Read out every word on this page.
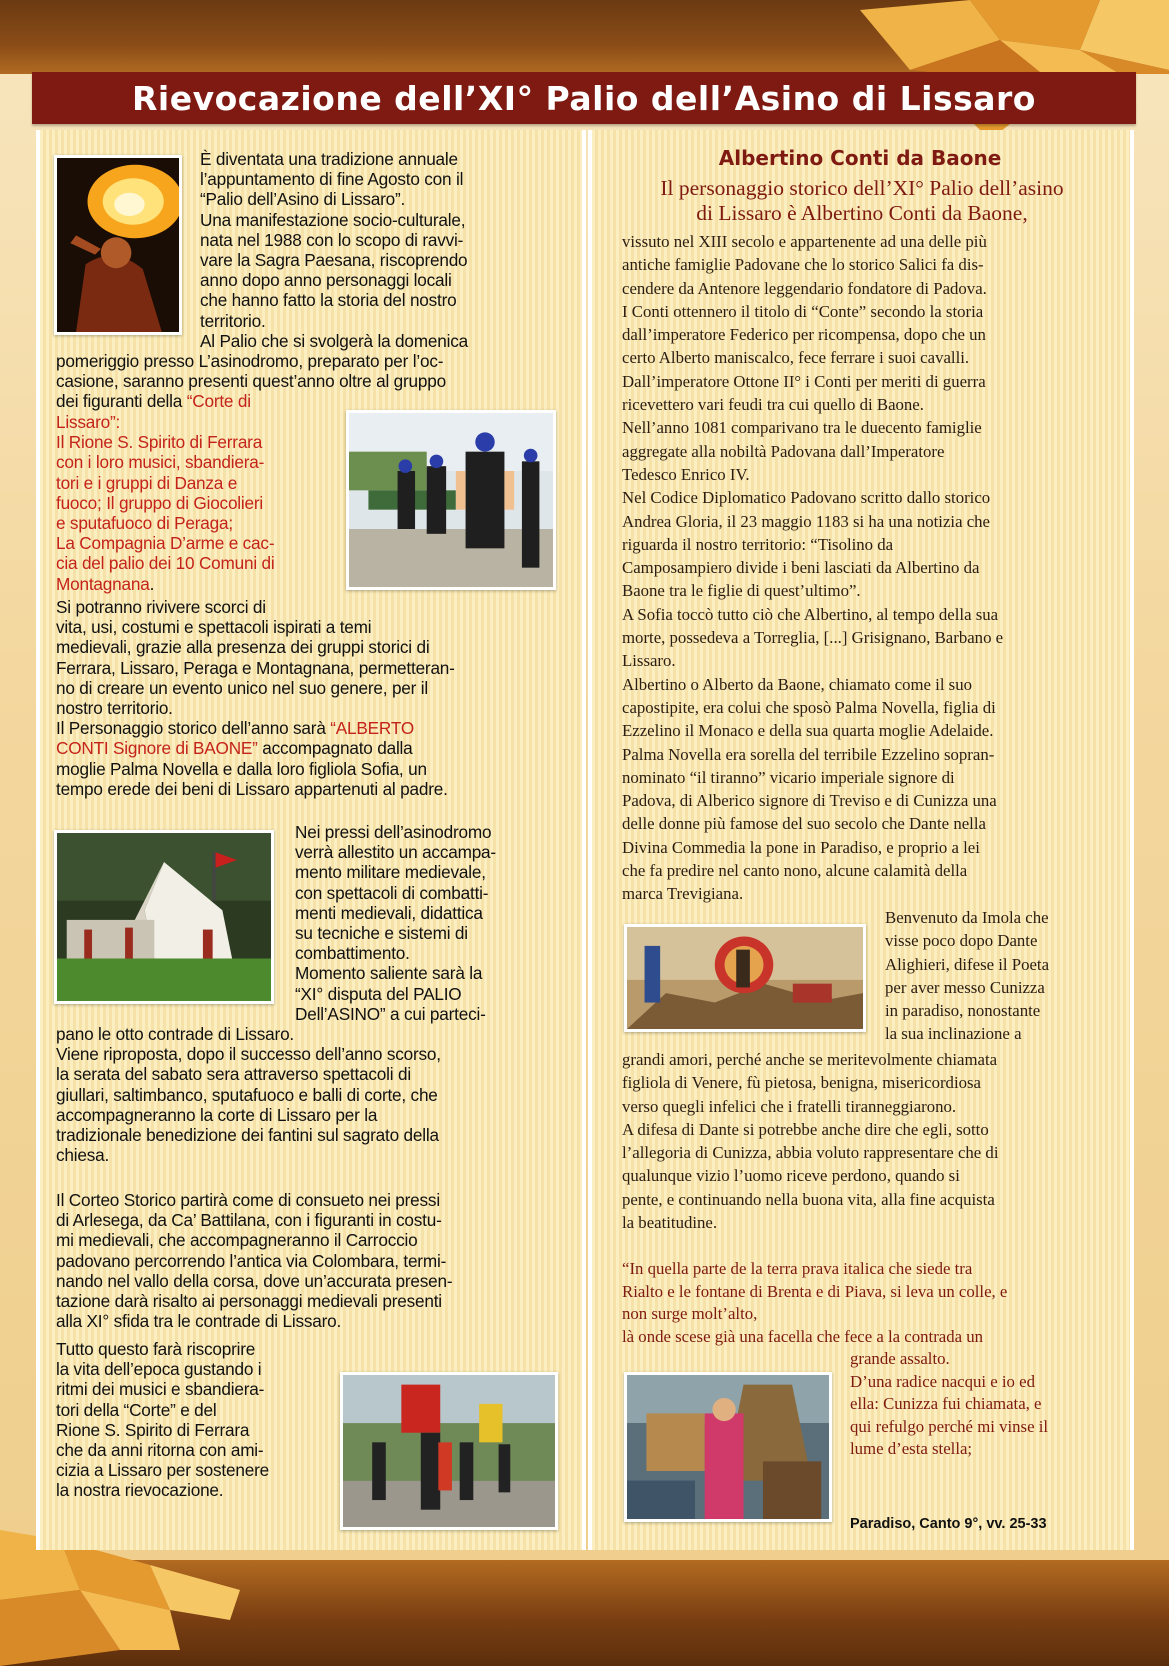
Rievocazione dell’XI° Palio dell’Asino di Lissaro

È diventata una tradizione annuale
l’appuntamento di fine Agosto con il
“Palio dell’Asino di Lissaro”.
Una manifestazione socio-culturale,
nata nel 1988 con lo scopo di ravvi-
vare la Sagra Paesana, riscoprendo
anno dopo anno personaggi locali
che hanno fatto la storia del nostro
territorio.
Al Palio che si svolgerà la domenica

pomeriggio presso L’asinodromo, preparato per l’oc-
casione, saranno presenti quest’anno oltre al gruppo
dei figuranti della “Corte di

Lissaro”:
Il Rione S. Spirito di Ferrara
con i loro musici, sbandiera-
tori e i gruppi di Danza e
fuoco; Il gruppo di Giocolieri
e sputafuoco di Peraga;
La Compagnia D’arme e cac-
cia del palio dei 10 Comuni di
Montagnana.

Si potranno rivivere scorci di
vita, usi, costumi e spettacoli ispirati a temi
medievali, grazie alla presenza dei gruppi storici di
Ferrara, Lissaro, Peraga e Montagnana, permetteran-
no di creare un evento unico nel suo genere, per il
nostro territorio.
Il Personaggio storico dell’anno sarà “ALBERTO
CONTI Signore di BAONE” accompagnato dalla
moglie Palma Novella e dalla loro figliola Sofia, un
tempo erede dei beni di Lissaro appartenuti al padre.

Nei pressi dell’asinodromo
verrà allestito un accampa-
mento militare medievale,
con spettacoli di combatti-
menti medievali, didattica
su tecniche e sistemi di
combattimento.
Momento saliente sarà la
“XI° disputa del PALIO
Dell’ASINO” a cui parteci-

pano le otto contrade di Lissaro.
Viene riproposta, dopo il successo dell’anno scorso,
la serata del sabato sera attraverso spettacoli di
giullari, saltimbanco, sputafuoco e balli di corte, che
accompagneranno la corte di Lissaro per la
tradizionale benedizione dei fantini sul sagrato della
chiesa.

Il Corteo Storico partirà come di consueto nei pressi
di Arlesega, da Ca’ Battilana, con i figuranti in costu-
mi medievali, che accompagneranno il Carroccio
padovano percorrendo l’antica via Colombara, termi-
nando nel vallo della corsa, dove un’accurata presen-
tazione darà risalto ai personaggi medievali presenti
alla XI° sfida tra le contrade di Lissaro.

Tutto questo farà riscoprire
la vita dell’epoca gustando i
ritmi dei musici e sbandiera-
tori della “Corte” e del
Rione S. Spirito di Ferrara
che da anni ritorna con ami-
cizia a Lissaro per sostenere
la nostra rievocazione.

Albertino Conti da Baone

Il personaggio storico dell’XI° Palio dell’asino
di Lissaro è Albertino Conti da Baone,

vissuto nel XIII secolo e appartenente ad una delle più
antiche famiglie Padovane che lo storico Salici fa dis-
cendere da Antenore leggendario fondatore di Padova.
I Conti ottennero il titolo di “Conte” secondo la storia
dall’imperatore Federico per ricompensa, dopo che un
certo Alberto maniscalco, fece ferrare i suoi cavalli.
Dall’imperatore Ottone II° i Conti per meriti di guerra
ricevettero vari feudi tra cui quello di Baone.
Nell’anno 1081 comparivano tra le duecento famiglie
aggregate alla nobiltà Padovana dall’Imperatore
Tedesco Enrico IV.
Nel Codice Diplomatico Padovano scritto dallo storico
Andrea Gloria, il 23 maggio 1183 si ha una notizia che
riguarda il nostro territorio: “Tisolino da
Camposampiero divide i beni lasciati da Albertino da
Baone tra le figlie di quest’ultimo”.
A Sofia toccò tutto ciò che Albertino, al tempo della sua
morte, possedeva a Torreglia, [...] Grisignano, Barbano e
Lissaro.
Albertino o Alberto da Baone, chiamato come il suo
capostipite, era colui che sposò Palma Novella, figlia di
Ezzelino il Monaco e della sua quarta moglie Adelaide.
Palma Novella era sorella del terribile Ezzelino sopran-
nominato “il tiranno” vicario imperiale signore di
Padova, di Alberico signore di Treviso e di Cunizza una
delle donne più famose del suo secolo che Dante nella
Divina Commedia la pone in Paradiso, e proprio a lei
che fa predire nel canto nono, alcune calamità della
marca Trevigiana.

Benvenuto da Imola che
visse poco dopo Dante
Alighieri, difese il Poeta
per aver messo Cunizza
in paradiso, nonostante
la sua inclinazione a

grandi amori, perché anche se meritevolmente chiamata
figliola di Venere, fù pietosa, benigna, misericordiosa
verso quegli infelici che i fratelli tiranneggiarono.
A difesa di Dante si potrebbe anche dire che egli, sotto
l’allegoria di Cunizza, abbia voluto rappresentare che di
qualunque vizio l’uomo riceve perdono, quando si
pente, e continuando nella buona vita, alla fine acquista
la beatitudine.

“In quella parte de la terra prava italica che siede tra
Rialto e le fontane di Brenta e di Piava, si leva un colle, e
non surge molt’alto,
là onde scese già una facella che fece a la contrada un

grande assalto.
D’una radice nacqui e io ed
ella: Cunizza fui chiamata, e
qui refulgo perché mi vinse il
lume d’esta stella;

Paradiso, Canto 9°, vv. 25-33
